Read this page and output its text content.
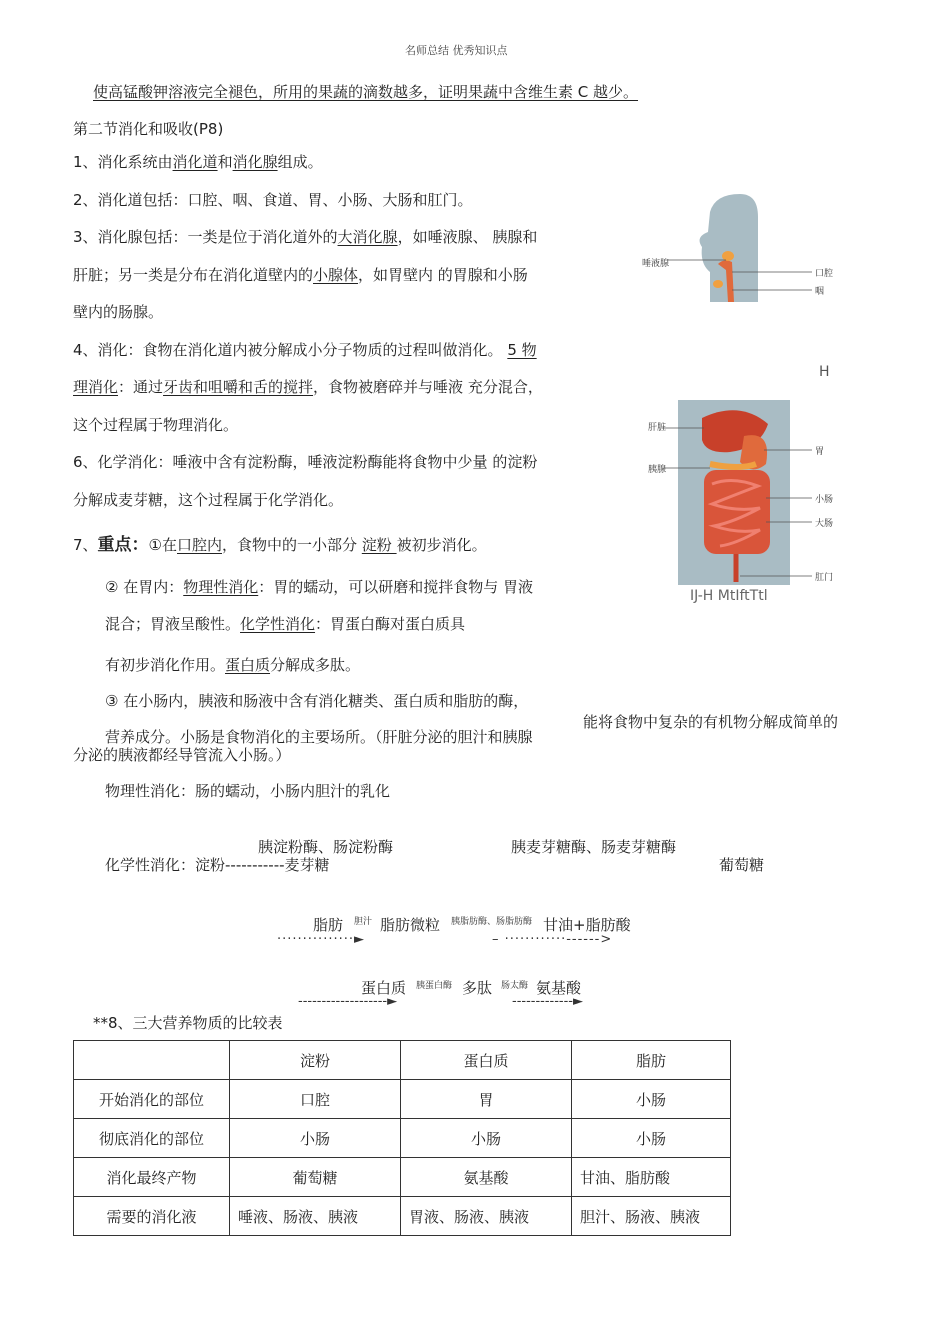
名师总结 优秀知识点
使高锰酸钾溶液完全褪色，所用的果蔬的滴数越多，证明果蔬中含维生素 C 越少。
第二节消化和吸收(P8)
1、消化系统由消化道和消化腺组成。
2、消化道包括：口腔、咽、食道、胃、小肠、大肠和肛门。
3、消化腺包括：一类是位于消化道外的大消化腺，如唾液腺、 胰腺和
肝脏；另一类是分布在消化道壁内的小腺体，如胃壁内 的胃腺和小肠
壁内的肠腺。
4、消化：食物在消化道内被分解成小分子物质的过程叫做消化。 5 物
理消化：通过牙齿和咀嚼和舌的搅拌，食物被磨碎并与唾液 充分混合，
这个过程属于物理消化。
6、化学消化：唾液中含有淀粉酶，唾液淀粉酶能将食物中少量 的淀粉
分解成麦芽糖，这个过程属于化学消化。
7、重点：①在口腔内，食物中的一小部分 淀粉 被初步消化。
② 在胃内：物理性消化：胃的蠕动，可以研磨和搅拌食物与 胃液
混合；胃液呈酸性。化学性消化：胃蛋白酶对蛋白质具
有初步消化作用。蛋白质分解成多肽。
③ 在小肠内，胰液和肠液中含有消化糖类、蛋白质和脂肪的酶，
能将食物中复杂的有机物分解成简单的
营养成分。小肠是食物消化的主要场所。（肝脏分泌的胆汁和胰腺
分泌的胰液都经导管流入小肠。）
物理性消化：肠的蠕动，小肠内胆汁的乳化
胰淀粉酶、肠淀粉酶	胰麦芽糖酶、肠麦芽糖酶
化学性消化：淀粉-----------麦芽糖	葡萄糖
脂肪 胆汁 脂肪微粒 胰脂肪酶、肠脂肪酶 甘油+脂肪酸
···············►	– ············------>
蛋白质 胰蛋白酶 多肽 肠太酶 氨基酸
-------------------►	-------------►
**8、三大营养物质的比较表
	淀粉	蛋白质	脂肪
开始消化的部位	口腔	胃	小肠
彻底消化的部位	小肠	小肠	小肠
消化最终产物	葡萄糖	氨基酸	甘油、脂肪酸
需要的消化液	唾液、肠液、胰液	胃液、肠液、胰液	胆汁、肠液、胰液
唾液腺
口腔
咽
H
肝脏
胰腺
胃
小肠
大肠
肛门
IJ-H MtIftTtl
